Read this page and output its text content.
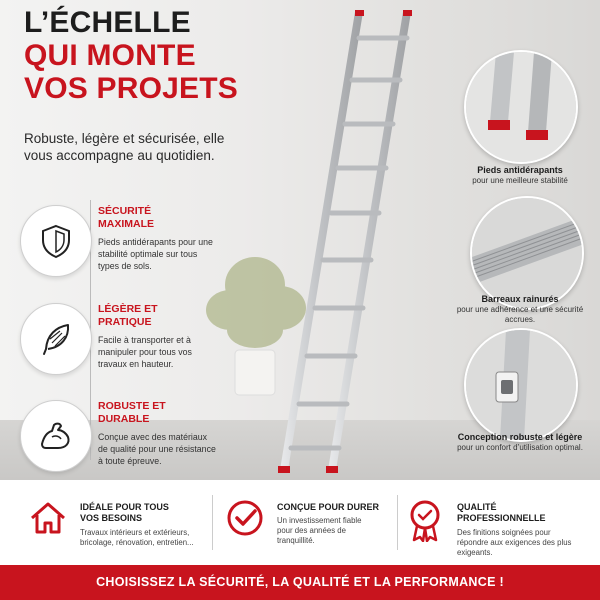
L’ÉCHELLE
QUI MONTE
VOS PROJETS
Robuste, légère et sécurisée, elle vous accompagne au quotidien.
SÉCURITÉ MAXIMALE
Pieds antidérapants pour une stabilité optimale sur tous types de sols.
LÉGÈRE ET PRATIQUE
Facile à transporter et à manipuler pour tous vos travaux en hauteur.
ROBUSTE ET DURABLE
Conçue avec des matériaux de qualité pour une résistance à toute épreuve.
Pieds antidérapants
pour une meilleure stabilité
Barreaux rainurés
pour une adhérence et une sécurité accrues.
Conception robuste et légère
pour un confort d’utilisation optimal.
IDÉALE POUR TOUS VOS BESOINS
Travaux intérieurs et extérieurs, bricolage, rénovation, entretien...
CONÇUE POUR DURER
Un investissement fiable pour des années de tranquillité.
QUALITÉ PROFESSIONNELLE
Des finitions soignées pour répondre aux exigences des plus exigeants.
CHOISISSEZ LA SÉCURITÉ, LA QUALITÉ ET LA PERFORMANCE !
